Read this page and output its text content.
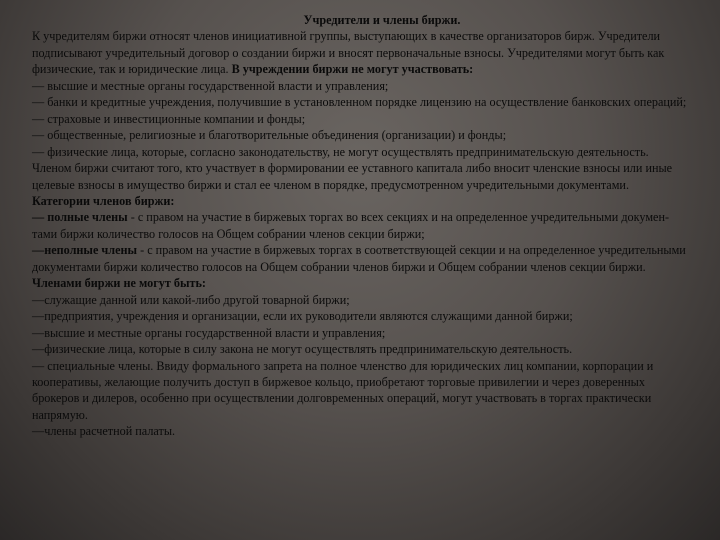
Учредители и члены биржи.

К учредителям биржи относят членов инициативной группы, выступающих в качестве организаторов бирж. Учредители подписывают учредительный договор о создании биржи и вносят первоначальные взносы. Учредителями могут быть как физические, так и юридические лица. В учреждении биржи не могут участвовать:

— высшие и местные органы государственной власти и управления;

— банки и кредитные учреждения, получившие в установленном порядке лицензию на осуществление банковских операций;

— страховые и инвестиционные компании и фонды;

— общественные, религиозные и благотворительные объединения (организации) и фонды;

— физические лица, которые, согласно законодательству, не могут осуществлять предпринимательскую деятельность.

Членом биржи считают того, кто участвует в формировании ее уставного капитала либо вносит членские взносы или иные целевые взносы в имущество биржи и стал ее членом в порядке, предусмотренном учредительными документами.

Категории членов биржи:

— полные члены - с правом на участие в биржевых торгах во всех секциях и на определенное учредительными докумен-тами биржи количество голосов на Общем собрании членов секции биржи;

—неполные члены - с правом на участие в биржевых торгах в соответствующей секции и на определенное учредительными документами биржи количество голосов на Общем собрании членов биржи и Общем собрании членов секции биржи.

Членами биржи не могут быть:

—служащие данной или какой-либо другой товарной биржи;

—предприятия, учреждения и организации, если их руководители являются служащими данной биржи;

—высшие и местные органы государственной власти и управления;

—физические лица, которые в силу закона не могут осуществлять предпринимательскую деятельность.

— специальные члены. Ввиду формального запрета на полное членство для юридических лиц компании, корпорации и кооперативы, желающие получить доступ в биржевое кольцо, приобретают торговые привилегии и через доверенных брокеров и дилеров, особенно при осуществлении долговременных операций, могут участвовать в торгах практически напрямую.

—члены расчетной палаты.
